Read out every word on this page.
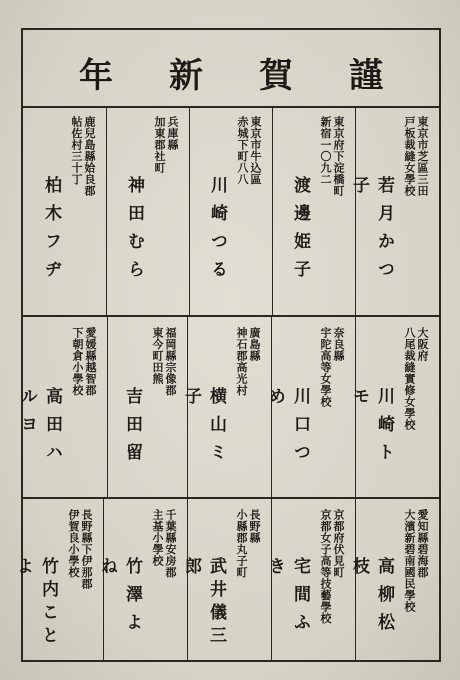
年 新 賀 謹
東京市芝區三田
戸板裁縫女學校
若月かつ子
東京府下淀橋町
新宿一〇九二
渡邊姫子
東京市牛込區
赤城下町八八
川崎つる
兵庫縣
加東郡社町
神田むら
鹿兒島縣姶良郡
帖佐村三十丁
柏木フヂ
大阪府
八尾裁縫實修女學校
川崎トモ
奈良縣
宇陀高等女學校
川口つめ
廣島縣
神石郡高光村
横山ミ子
福岡縣宗像郡
東今町田熊
吉田留
愛媛縣越智郡
下朝倉小學校
高田ハルヨ
愛知縣碧海郡
大濱新碧南國民學校
高柳松枝
京都府伏見町
京都女子高等技藝學校
宅間ふき
長野縣
小縣郡丸子町
武井儀三郎
千葉縣安房郡
主基小學校
竹澤よね
長野縣下伊那郡
伊賀良小學校
竹内ことよ
